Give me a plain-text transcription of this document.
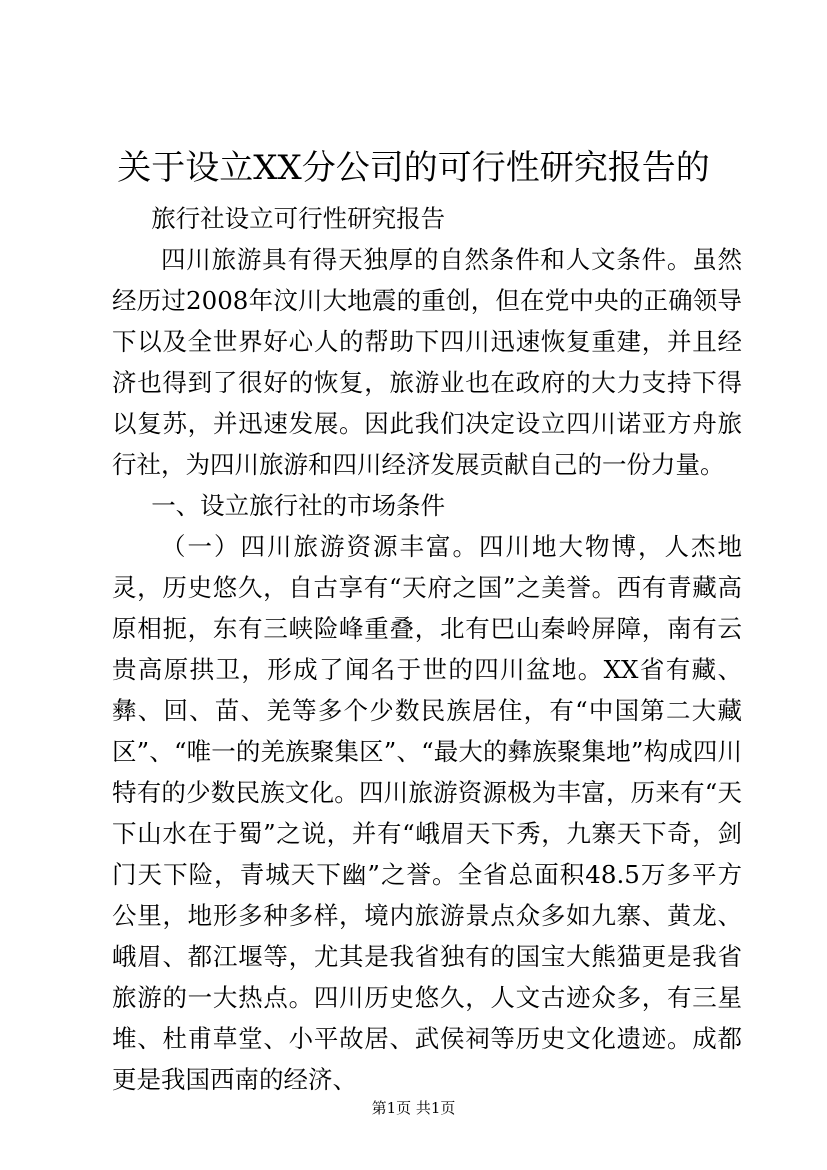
关于设立XX分公司的可行性研究报告的

旅行社设立可行性研究报告

四川旅游具有得天独厚的自然条件和人文条件。虽然经历过2008年汶川大地震的重创，但在党中央的正确领导下以及全世界好心人的帮助下四川迅速恢复重建，并且经济也得到了很好的恢复，旅游业也在政府的大力支持下得以复苏，并迅速发展。因此我们决定设立四川诺亚方舟旅行社，为四川旅游和四川经济发展贡献自己的一份力量。

一、设立旅行社的市场条件

（一）四川旅游资源丰富。四川地大物博，人杰地灵，历史悠久，自古享有“天府之国”之美誉。西有青藏高原相扼，东有三峡险峰重叠，北有巴山秦岭屏障，南有云贵高原拱卫，形成了闻名于世的四川盆地。XX省有藏、彝、回、苗、羌等多个少数民族居住，有“中国第二大藏区”、“唯一的羌族聚集区”、“最大的彝族聚集地”构成四川特有的少数民族文化。四川旅游资源极为丰富，历来有“天下山水在于蜀”之说，并有“峨眉天下秀，九寨天下奇，剑门天下险，青城天下幽”之誉。全省总面积48.5万多平方公里，地形多种多样，境内旅游景点众多如九寨、黄龙、峨眉、都江堰等，尤其是我省独有的国宝大熊猫更是我省旅游的一大热点。四川历史悠久，人文古迹众多，有三星堆、杜甫草堂、小平故居、武侯祠等历史文化遗迹。成都更是我国西南的经济、

第1页 共1页
